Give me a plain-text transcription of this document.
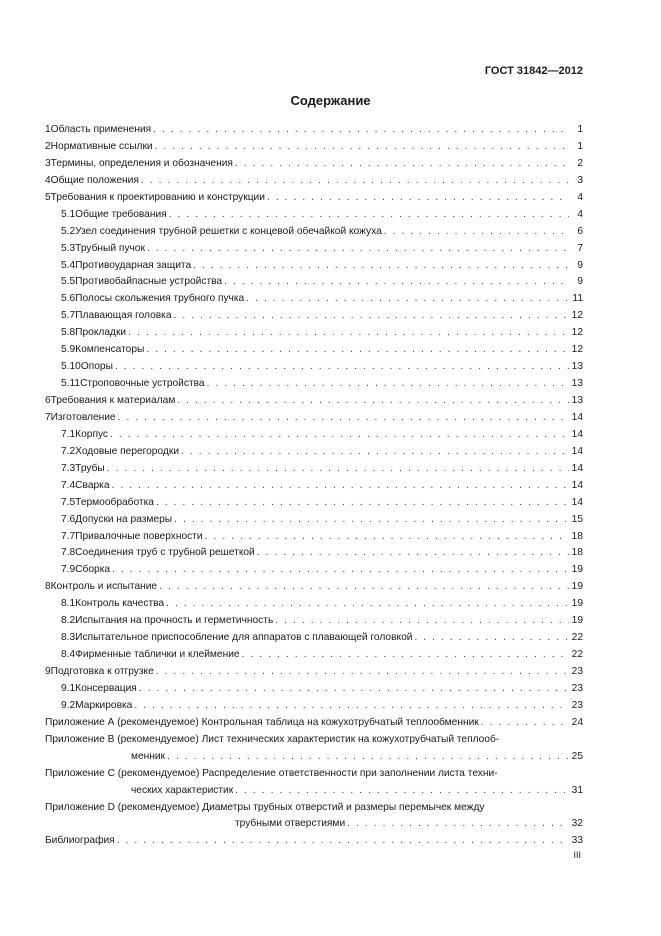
ГОСТ 31842—2012
Содержание
1 Область применения . . .	1
2 Нормативные ссылки . . .	1
3 Термины, определения и обозначения . . .	2
4 Общие положения . . .	3
5 Требования к проектированию и конструкции . . .	4
5.1 Общие требования . . .	4
5.2 Узел соединения трубной решетки с концевой обечайкой кожуха . . .	6
5.3 Трубный пучок . . .	7
5.4 Противоударная защита . . .	9
5.5 Противобайпасные устройства . . .	9
5.6 Полосы скольжения трубного пучка . . .	11
5.7 Плавающая головка . . .	12
5.8 Прокладки . . .	12
5.9 Компенсаторы . . .	12
5.10 Опоры . . .	13
5.11 Строповочные устройства . . .	13
6 Требования к материалам . . .	13
7 Изготовление . . .	14
7.1 Корпус . . .	14
7.2 Ходовые перегородки . . .	14
7.3 Трубы . . .	14
7.4 Сварка . . .	14
7.5 Термообработка . . .	14
7.6 Допуски на размеры . . .	15
7.7 Привалочные поверхности . . .	18
7.8 Соединения труб с трубной решеткой . . .	18
7.9 Сборка . . .	19
8 Контроль и испытание . . .	19
8.1 Контроль качества . . .	19
8.2 Испытания на прочность и герметичность . . .	19
8.3 Испытательное приспособление для аппаратов с плавающей головкой . . .	22
8.4 Фирменные таблички и клеймение . . .	22
9 Подготовка к отгрузке . . .	23
9.1 Консервация . . .	23
9.2 Маркировка . . .	23
Приложение А (рекомендуемое) Контрольная таблица на кожухотрубчатый теплообменник . . .	24
Приложение В (рекомендуемое) Лист технических характеристик на кожухотрубчатый теплооб-
менник . . .	25
Приложение С (рекомендуемое) Распределение ответственности при заполнении листа техни-
ческих характеристик . . .	31
Приложение D (рекомендуемое) Диаметры трубных отверстий и размеры перемычек между
трубными отверстиями . . .	32
Библиография . . .	33
III
